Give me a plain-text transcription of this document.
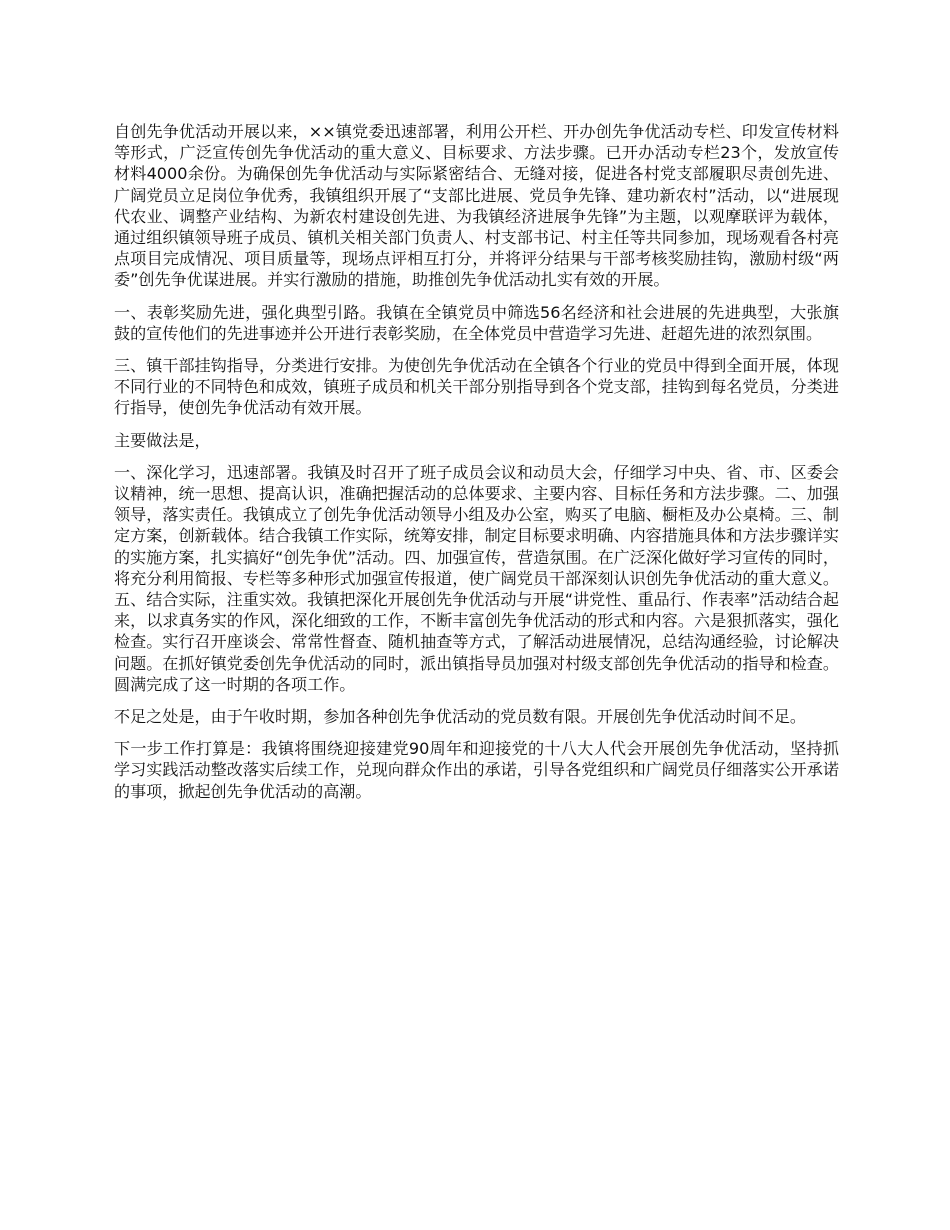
自创先争优活动开展以来，××镇党委迅速部署，利用公开栏、开办创先争优活动专栏、印发宣传材料等形式，广泛宣传创先争优活动的重大意义、目标要求、方法步骤。已开办活动专栏23个，发放宣传材料4000余份。为确保创先争优活动与实际紧密结合、无缝对接，促进各村党支部履职尽责创先进、广阔党员立足岗位争优秀，我镇组织开展了“支部比进展、党员争先锋、建功新农村”活动，以“进展现代农业、调整产业结构、为新农村建设创先进、为我镇经济进展争先锋”为主题，以观摩联评为载体，通过组织镇领导班子成员、镇机关相关部门负责人、村支部书记、村主任等共同参加，现场观看各村亮点项目完成情况、项目质量等，现场点评相互打分，并将评分结果与干部考核奖励挂钩，激励村级“两委”创先争优谋进展。并实行激励的措施，助推创先争优活动扎实有效的开展。

一、表彰奖励先进，强化典型引路。我镇在全镇党员中筛选56名经济和社会进展的先进典型，大张旗鼓的宣传他们的先进事迹并公开进行表彰奖励，在全体党员中营造学习先进、赶超先进的浓烈氛围。

三、镇干部挂钩指导，分类进行安排。为使创先争优活动在全镇各个行业的党员中得到全面开展，体现不同行业的不同特色和成效，镇班子成员和机关干部分别指导到各个党支部，挂钩到每名党员，分类进行指导，使创先争优活动有效开展。

主要做法是，

一、深化学习，迅速部署。我镇及时召开了班子成员会议和动员大会，仔细学习中央、省、市、区委会议精神，统一思想、提高认识，准确把握活动的总体要求、主要内容、目标任务和方法步骤。二、加强领导，落实责任。我镇成立了创先争优活动领导小组及办公室，购买了电脑、橱柜及办公桌椅。三、制定方案，创新载体。结合我镇工作实际，统筹安排，制定目标要求明确、内容措施具体和方法步骤详实的实施方案，扎实搞好“创先争优”活动。四、加强宣传，营造氛围。在广泛深化做好学习宣传的同时，将充分利用简报、专栏等多种形式加强宣传报道，使广阔党员干部深刻认识创先争优活动的重大意义。五、结合实际，注重实效。我镇把深化开展创先争优活动与开展“讲党性、重品行、作表率”活动结合起来，以求真务实的作风，深化细致的工作，不断丰富创先争优活动的形式和内容。六是狠抓落实，强化检查。实行召开座谈会、常常性督查、随机抽查等方式，了解活动进展情况，总结沟通经验，讨论解决问题。在抓好镇党委创先争优活动的同时，派出镇指导员加强对村级支部创先争优活动的指导和检查。圆满完成了这一时期的各项工作。

不足之处是，由于午收时期，参加各种创先争优活动的党员数有限。开展创先争优活动时间不足。

下一步工作打算是：我镇将围绕迎接建党90周年和迎接党的十八大人代会开展创先争优活动，坚持抓学习实践活动整改落实后续工作，兑现向群众作出的承诺，引导各党组织和广阔党员仔细落实公开承诺的事项，掀起创先争优活动的高潮。
